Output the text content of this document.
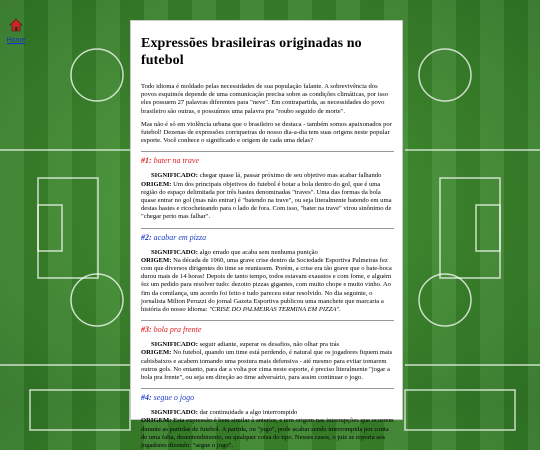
Home	Expressões brasileiras originadas no futebol

Todo idioma é moldado pelas necessidades de sua população falante. A sobrevivência dos povos esquimós depende de uma comunicação precisa sobre as condições climáticas, por isso eles possuem 27 palavras diferentes para "neve". Em contrapartida, as necessidades do povo brasileiro são outras, e possuímos uma palavra pra "roubo seguido de morte".

Mas não é só em violência urbana que o brasileiro se destaca - também somos apaixonados por futebol! Dezenas de expressões corriqueiras do nosso dia-a-dia tem suas origens neste popular esporte. Você conhece o significado e origem de cada uma delas?

#1: bater na trave

SIGNIFICADO: chegar quase lá, passar próximo de seu objetivo mas acabar falhando
ORIGEM: Um dos principais objetivos do futebol é botar a bola dentro do gol, que é uma região do espaço delimitada por três hastes denominadas "traves". Uma das formas da bola quase entrar no gol (mas não entrar) é "batendo na trave", ou seja literalmente batendo em uma destas hastes e ricocheteando para o lado de fora. Com isso, "bater na trave" virou sinônimo de "chegar perto mas falhar".

#2: acabar em pizza

SIGNIFICADO: algo errado que acaba sem nenhuma punição
ORIGEM: Na década de 1960, uma grave crise dentro da Sociedade Esportiva Palmeiras fez com que diversos dirigentes do time se reunissem. Porém, a crise era tão grave que o bate-boca durou mais de 14 horas! Depois de tanto tempo, todos estavam exaustos e com fome, e alguém fez um pedido para resolver tudo: dezoito pizzas gigantes, com muito chope e muito vinho. Ao fim da comilança, um acordo foi feito e tudo pareceu estar resolvido. No dia seguinte, o jornalista Milton Peruzzi do jornal Gazeta Esportiva publicou uma manchete que marcaria a história do nosso idioma: "CRISE DO PALMEIRAS TERMINA EM PIZZA".

#3: bola pra frente

SIGNIFICADO: seguir adiante, superar os desafios, não olhar pra trás
ORIGEM: No futebol, quando um time está perdendo, é natural que os jogadores fiquem mais cabisbaixos e acabem tomando uma postura mais defensiva - até mesmo para evitar tomarem outros gols. No entanto, para dar a volta por cima neste esporte, é preciso literalmente "jogar a bola pra frente", ou seja em direção ao time adversário, para assim continuar o jogo.

#4: segue o jogo

SIGNIFICADO: dar continuidade a algo interrompido
ORIGEM: Esta expressão é bem similar à anterior, e tem origem nas interrupções que ocorrem durante as partidas de futebol. A partida, ou "jogo", pode acabar sendo interrompida por conta de uma falta, desentendimento, ou qualquer coisa do tipo. Nesses casos, o juiz se reporta aos jogadores dizendo: "segue o jogo".
